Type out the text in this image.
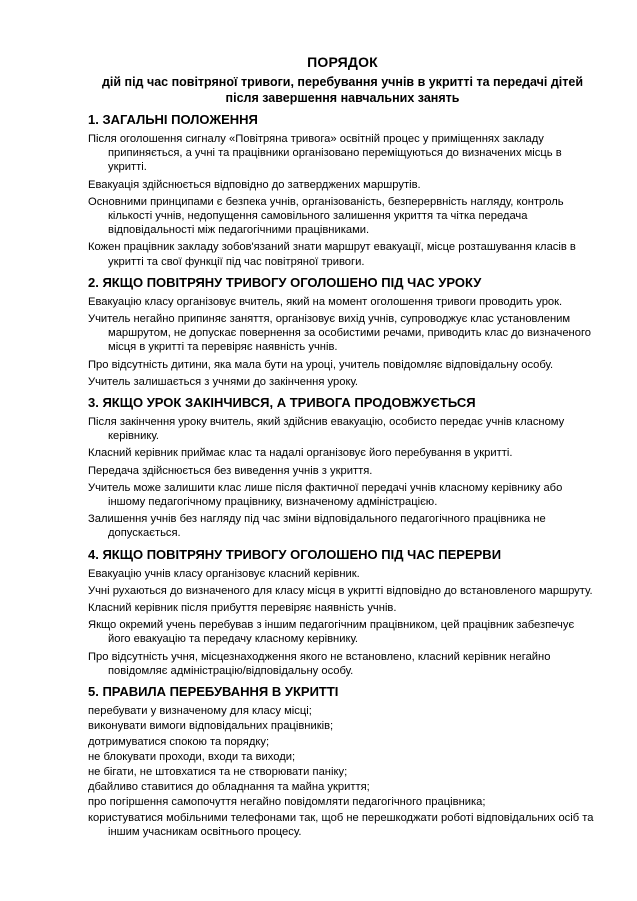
ПОРЯДОК
дій під час повітряної тривоги, перебування учнів в укритті та передачі дітей після завершення навчальних занять
1. ЗАГАЛЬНІ ПОЛОЖЕННЯ
Після оголошення сигналу «Повітряна тривога» освітній процес у приміщеннях закладу припиняється, а учні та працівники організовано переміщуються до визначених місць в укритті.
Евакуація здійснюється відповідно до затверджених маршрутів.
Основними принципами є безпека учнів, організованість, безперервність нагляду, контроль кількості учнів, недопущення самовільного залишення укриття та чітка передача відповідальності між педагогічними працівниками.
Кожен працівник закладу зобов'язаний знати маршрут евакуації, місце розташування класів в укритті та свої функції під час повітряної тривоги.
2. ЯКЩО ПОВІТРЯНУ ТРИВОГУ ОГОЛОШЕНО ПІД ЧАС УРОКУ
Евакуацію класу організовує вчитель, який на момент оголошення тривоги проводить урок.
Учитель негайно припиняє заняття, організовує вихід учнів, супроводжує клас установленим маршрутом, не допускає повернення за особистими речами, приводить клас до визначеного місця в укритті та перевіряє наявність учнів.
Про відсутність дитини, яка мала бути на уроці, учитель повідомляє відповідальну особу.
Учитель залишається з учнями до закінчення уроку.
3. ЯКЩО УРОК ЗАКІНЧИВСЯ, А ТРИВОГА ПРОДОВЖУЄТЬСЯ
Після закінчення уроку вчитель, який здійснив евакуацію, особисто передає учнів класному керівнику.
Класний керівник приймає клас та надалі організовує його перебування в укритті.
Передача здійснюється без виведення учнів з укриття.
Учитель може залишити клас лише після фактичної передачі учнів класному керівнику або іншому педагогічному працівнику, визначеному адміністрацією.
Залишення учнів без нагляду під час зміни відповідального педагогічного працівника не допускається.
4. ЯКЩО ПОВІТРЯНУ ТРИВОГУ ОГОЛОШЕНО ПІД ЧАС ПЕРЕРВИ
Евакуацію учнів класу організовує класний керівник.
Учні рухаються до визначеного для класу місця в укритті відповідно до встановленого маршруту.
Класний керівник після прибуття перевіряє наявність учнів.
Якщо окремий учень перебував з іншим педагогічним працівником, цей працівник забезпечує його евакуацію та передачу класному керівнику.
Про відсутність учня, місцезнаходження якого не встановлено, класний керівник негайно повідомляє адміністрацію/відповідальну особу.
5. ПРАВИЛА ПЕРЕБУВАННЯ В УКРИТТІ
перебувати у визначеному для класу місці;
виконувати вимоги відповідальних працівників;
дотримуватися спокою та порядку;
не блокувати проходи, входи та виходи;
не бігати, не штовхатися та не створювати паніку;
дбайливо ставитися до обладнання та майна укриття;
про погіршення самопочуття негайно повідомляти педагогічного працівника;
користуватися мобільними телефонами так, щоб не перешкоджати роботі відповідальних осіб та іншим учасникам освітнього процесу.
